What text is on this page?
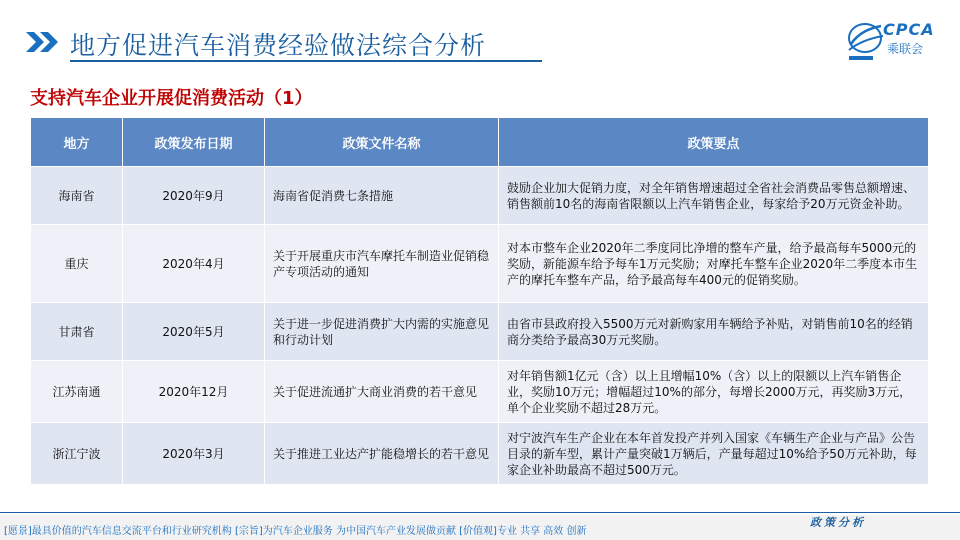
地方促进汽车消费经验做法综合分析
CPCA
乘联会
支持汽车企业开展促消费活动（1）
地方	政策发布日期	政策文件名称	政策要点
海南省	2020年9月	海南省促消费七条措施	鼓励企业加大促销力度，对全年销售增速超过全省社会消费品零售总额增速、销售额前10名的海南省限额以上汽车销售企业，每家给予20万元资金补助。
重庆	2020年4月	关于开展重庆市汽车摩托车制造业促销稳产专项活动的通知	对本市整车企业2020年二季度同比净增的整车产量，给予最高每车5000元的奖励，新能源车给予每车1万元奖励；对摩托车整车企业2020年二季度本市生产的摩托车整车产品，给予最高每车400元的促销奖励。
甘肃省	2020年5月	关于进一步促进消费扩大内需的实施意见和行动计划	由省市县政府投入5500万元对新购家用车辆给予补贴，对销售前10名的经销商分类给予最高30万元奖励。
江苏南通	2020年12月	关于促进流通扩大商业消费的若干意见	对年销售额1亿元（含）以上且增幅10%（含）以上的限额以上汽车销售企业，奖励10万元；增幅超过10%的部分，每增长2000万元，再奖励3万元，单个企业奖励不超过28万元。
浙江宁波	2020年3月	关于推进工业达产扩能稳增长的若干意见	对宁波汽车生产企业在本年首发投产并列入国家《车辆生产企业与产品》公告目录的新车型，累计产量突破1万辆后，产量每超过10%给予50万元补助，每家企业补助最高不超过500万元。
[愿景]最具价值的汽车信息交流平台和行业研究机构 [宗旨]为汽车企业服务 为中国汽车产业发展做贡献 [价值观]专业 共享 高效 创新
政策分析
